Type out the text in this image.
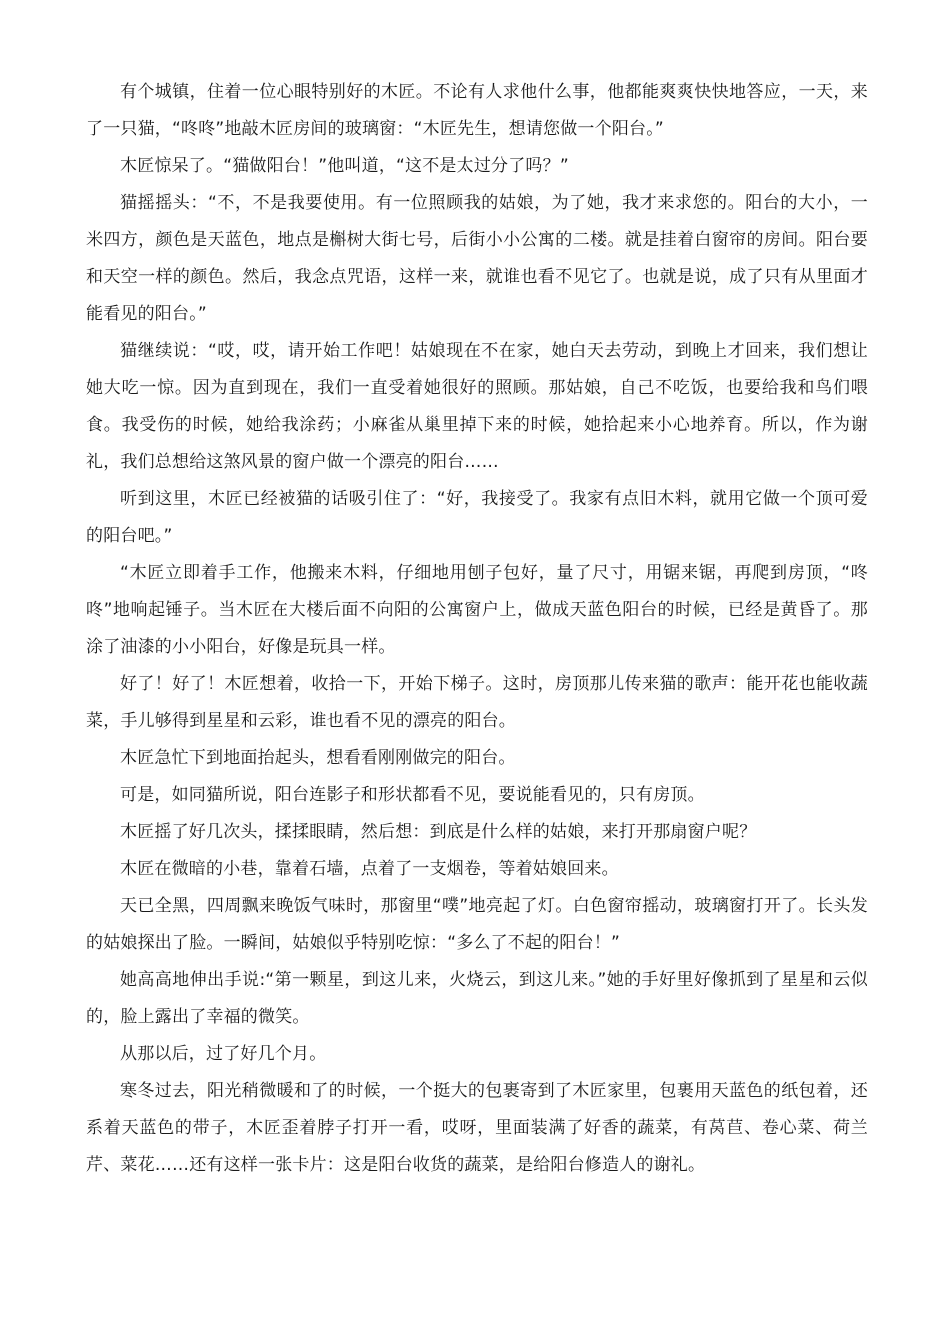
有个城镇，住着一位心眼特别好的木匠。不论有人求他什么事，他都能爽爽快快地答应，一天，来了一只猫，“咚咚”地敲木匠房间的玻璃窗：“木匠先生，想请您做一个阳台。”

木匠惊呆了。“猫做阳台！”他叫道，“这不是太过分了吗？”

猫摇摇头：“不，不是我要使用。有一位照顾我的姑娘，为了她，我才来求您的。阳台的大小，一米四方，颜色是天蓝色，地点是槲树大街七号，后街小小公寓的二楼。就是挂着白窗帘的房间。阳台要和天空一样的颜色。然后，我念点咒语，这样一来，就谁也看不见它了。也就是说，成了只有从里面才能看见的阳台。”

猫继续说：“哎，哎，请开始工作吧！姑娘现在不在家，她白天去劳动，到晚上才回来，我们想让她大吃一惊。因为直到现在，我们一直受着她很好的照顾。那姑娘，自己不吃饭，也要给我和鸟们喂食。我受伤的时候，她给我涂药；小麻雀从巢里掉下来的时候，她拾起来小心地养育。所以，作为谢礼，我们总想给这煞风景的窗户做一个漂亮的阳台……

听到这里，木匠已经被猫的话吸引住了：“好，我接受了。我家有点旧木料，就用它做一个顶可爱的阳台吧。”

“木匠立即着手工作，他搬来木料，仔细地用刨子包好，量了尺寸，用锯来锯，再爬到房顶，“咚咚”地响起锤子。当木匠在大楼后面不向阳的公寓窗户上，做成天蓝色阳台的时候，已经是黄昏了。那涂了油漆的小小阳台，好像是玩具一样。

好了！好了！木匠想着，收拾一下，开始下梯子。这时，房顶那儿传来猫的歌声：能开花也能收蔬菜，手儿够得到星星和云彩，谁也看不见的漂亮的阳台。

木匠急忙下到地面抬起头，想看看刚刚做完的阳台。

可是，如同猫所说，阳台连影子和形状都看不见，要说能看见的，只有房顶。

木匠摇了好几次头，揉揉眼睛，然后想：到底是什么样的姑娘，来打开那扇窗户呢？

木匠在微暗的小巷，靠着石墙，点着了一支烟卷，等着姑娘回来。

天已全黑，四周飘来晚饭气味时，那窗里“噗”地亮起了灯。白色窗帘摇动，玻璃窗打开了。长头发的姑娘探出了脸。一瞬间，姑娘似乎特别吃惊：“多么了不起的阳台！”

她高高地伸出手说:“第一颗星，到这儿来，火烧云，到这儿来。”她的手好里好像抓到了星星和云似的，脸上露出了幸福的微笑。

从那以后，过了好几个月。

寒冬过去，阳光稍微暖和了的时候，一个挺大的包裹寄到了木匠家里，包裹用天蓝色的纸包着，还系着天蓝色的带子，木匠歪着脖子打开一看，哎呀，里面装满了好香的蔬菜，有莴苣、卷心菜、荷兰芹、菜花……还有这样一张卡片：这是阳台收货的蔬菜，是给阳台修造人的谢礼。
